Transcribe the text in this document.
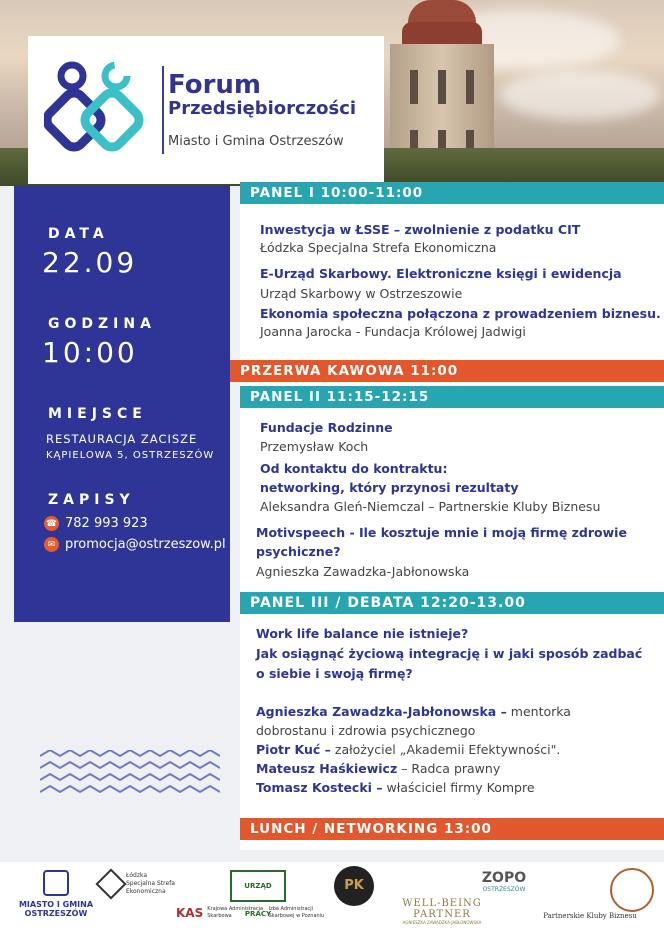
Forum
Przedsiębiorczości
Miasto i Gmina Ostrzeszów
DATA
22.09
GODZINA
10:00
MIEJSCE
RESTAURACJA ZACISZE
KĄPIELOWA 5, OSTRZESZÓW
ZAPISY
☎ 782 993 923
✉ promocja@ostrzeszow.pl
PANEL I 10:00-11:00
Inwestycja w ŁSSE – zwolnienie z podatku CIT
Łódzka Specjalna Strefa Ekonomiczna
E-Urząd Skarbowy. Elektroniczne księgi i ewidencja
Urząd Skarbowy w Ostrzeszowie
Ekonomia społeczna połączona z prowadzeniem biznesu.
Joanna Jarocka - Fundacja Królowej Jadwigi
PRZERWA KAWOWA 11:00
PANEL II 11:15-12:15
Fundacje Rodzinne
Przemysław Koch
Od kontaktu do kontraktu:
networking, który przynosi rezultaty
Aleksandra Gleń-Niemczal – Partnerskie Kluby Biznesu
Motivspeech - Ile kosztuje mnie i moją firmę zdrowie
psychiczne?
Agnieszka Zawadzka-Jabłonowska
PANEL III / DEBATA 12:20-13.00
Work life balance nie istnieje?
Jak osiągnąć życiową integrację i w jaki sposób zadbać
o siebie i swoją firmę?
Agnieszka Zawadzka-Jabłonowska – mentorka
dobrostanu i zdrowia psychicznego
Piotr Kuć – założyciel „Akademii Efektywności".
Mateusz Haśkiewicz – Radca prawny
Tomasz Kostecki – właściciel firmy Kompre
LUNCH / NETWORKING 13:00
MIASTO I GMINA OSTRZESZÓW
Łódzka Specjalna Strefa Ekonomiczna
KAS Krajowa Administracja Skarbowa
Izba Administracji Skarbowej w Poznaniu
URZĄD PRACY
PK
WELL-BEING PARTNER
AGNIESZKA ZAWADZKA-JABŁONOWSKA
ZOPO
OSTRZESZÓW
Partnerskie Kluby Biznesu
